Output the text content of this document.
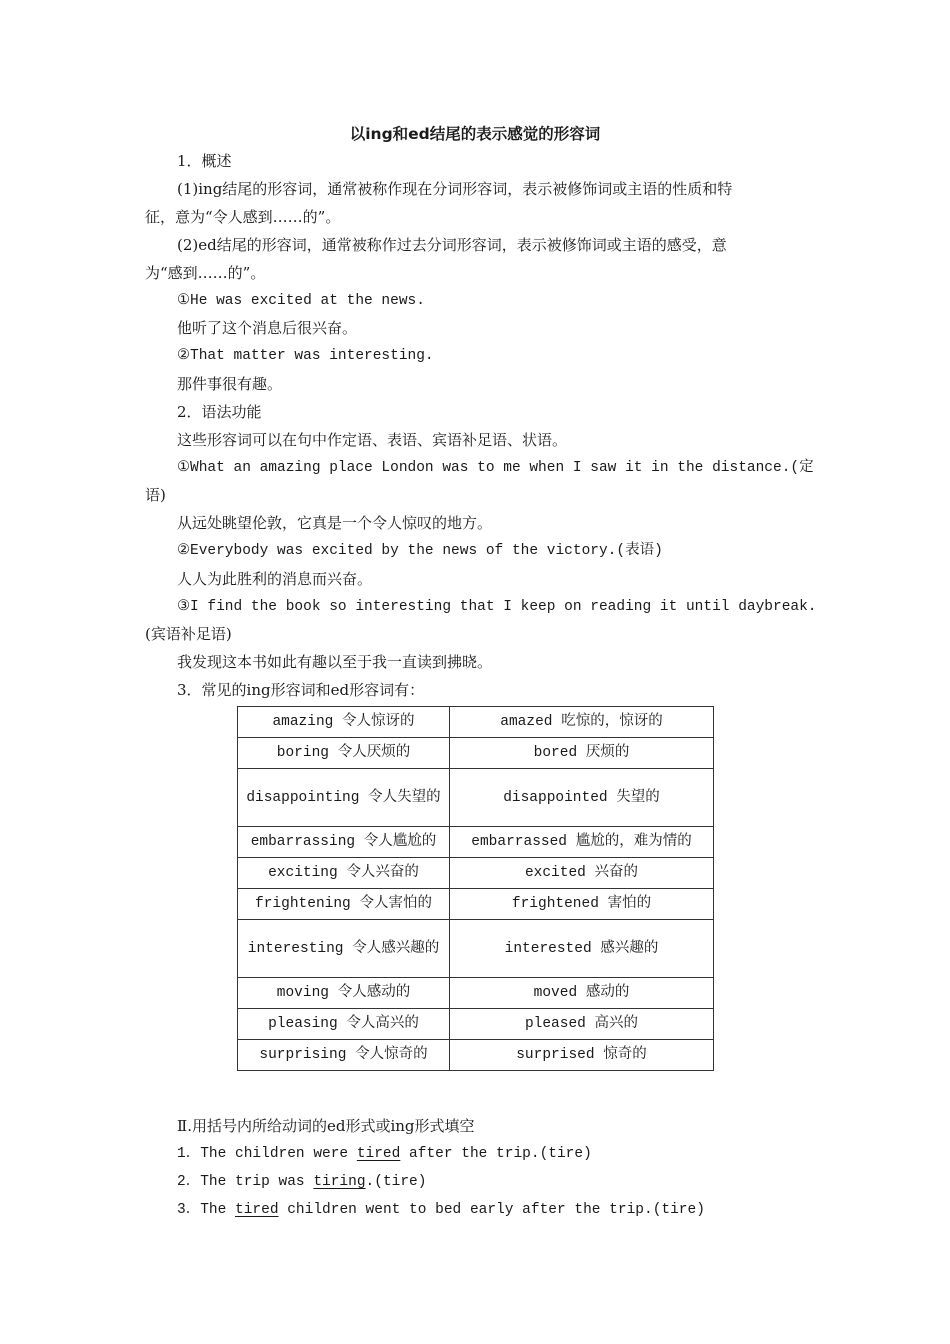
以ing和ed结尾的表示感觉的形容词
1．概述
(1)ing结尾的形容词，通常被称作现在分词形容词，表示被修饰词或主语的性质和特
征，意为“令人感到……的”。
(2)ed结尾的形容词，通常被称作过去分词形容词，表示被修饰词或主语的感受，意
为“感到……的”。
①He was excited at the news.
他听了这个消息后很兴奋。
②That matter was interesting.
那件事很有趣。
2．语法功能
这些形容词可以在句中作定语、表语、宾语补足语、状语。
①What an amazing place London was to me when I saw it in the distance.(定
语)
从远处眺望伦敦，它真是一个令人惊叹的地方。
②Everybody was excited by the news of the victory.(表语)
人人为此胜利的消息而兴奋。
③I find the book so interesting that I keep on reading it until daybreak.
(宾语补足语)
我发现这本书如此有趣以至于我一直读到拂晓。
3．常见的ing形容词和ed形容词有：
amazing 令人惊讶的	amazed 吃惊的，惊讶的
boring 令人厌烦的	bored 厌烦的
disappointing 令人失望的	disappointed 失望的
embarrassing 令人尴尬的	embarrassed 尴尬的，难为情的
exciting 令人兴奋的	excited 兴奋的
frightening 令人害怕的	frightened 害怕的
interesting 令人感兴趣的	interested 感兴趣的
moving 令人感动的	moved 感动的
pleasing 令人高兴的	pleased 高兴的
surprising 令人惊奇的	surprised 惊奇的
Ⅱ.用括号内所给动词的ed形式或ing形式填空
1．The children were tired after the trip.(tire)
2．The trip was tiring.(tire)
3．The tired children went to bed early after the trip.(tire)
